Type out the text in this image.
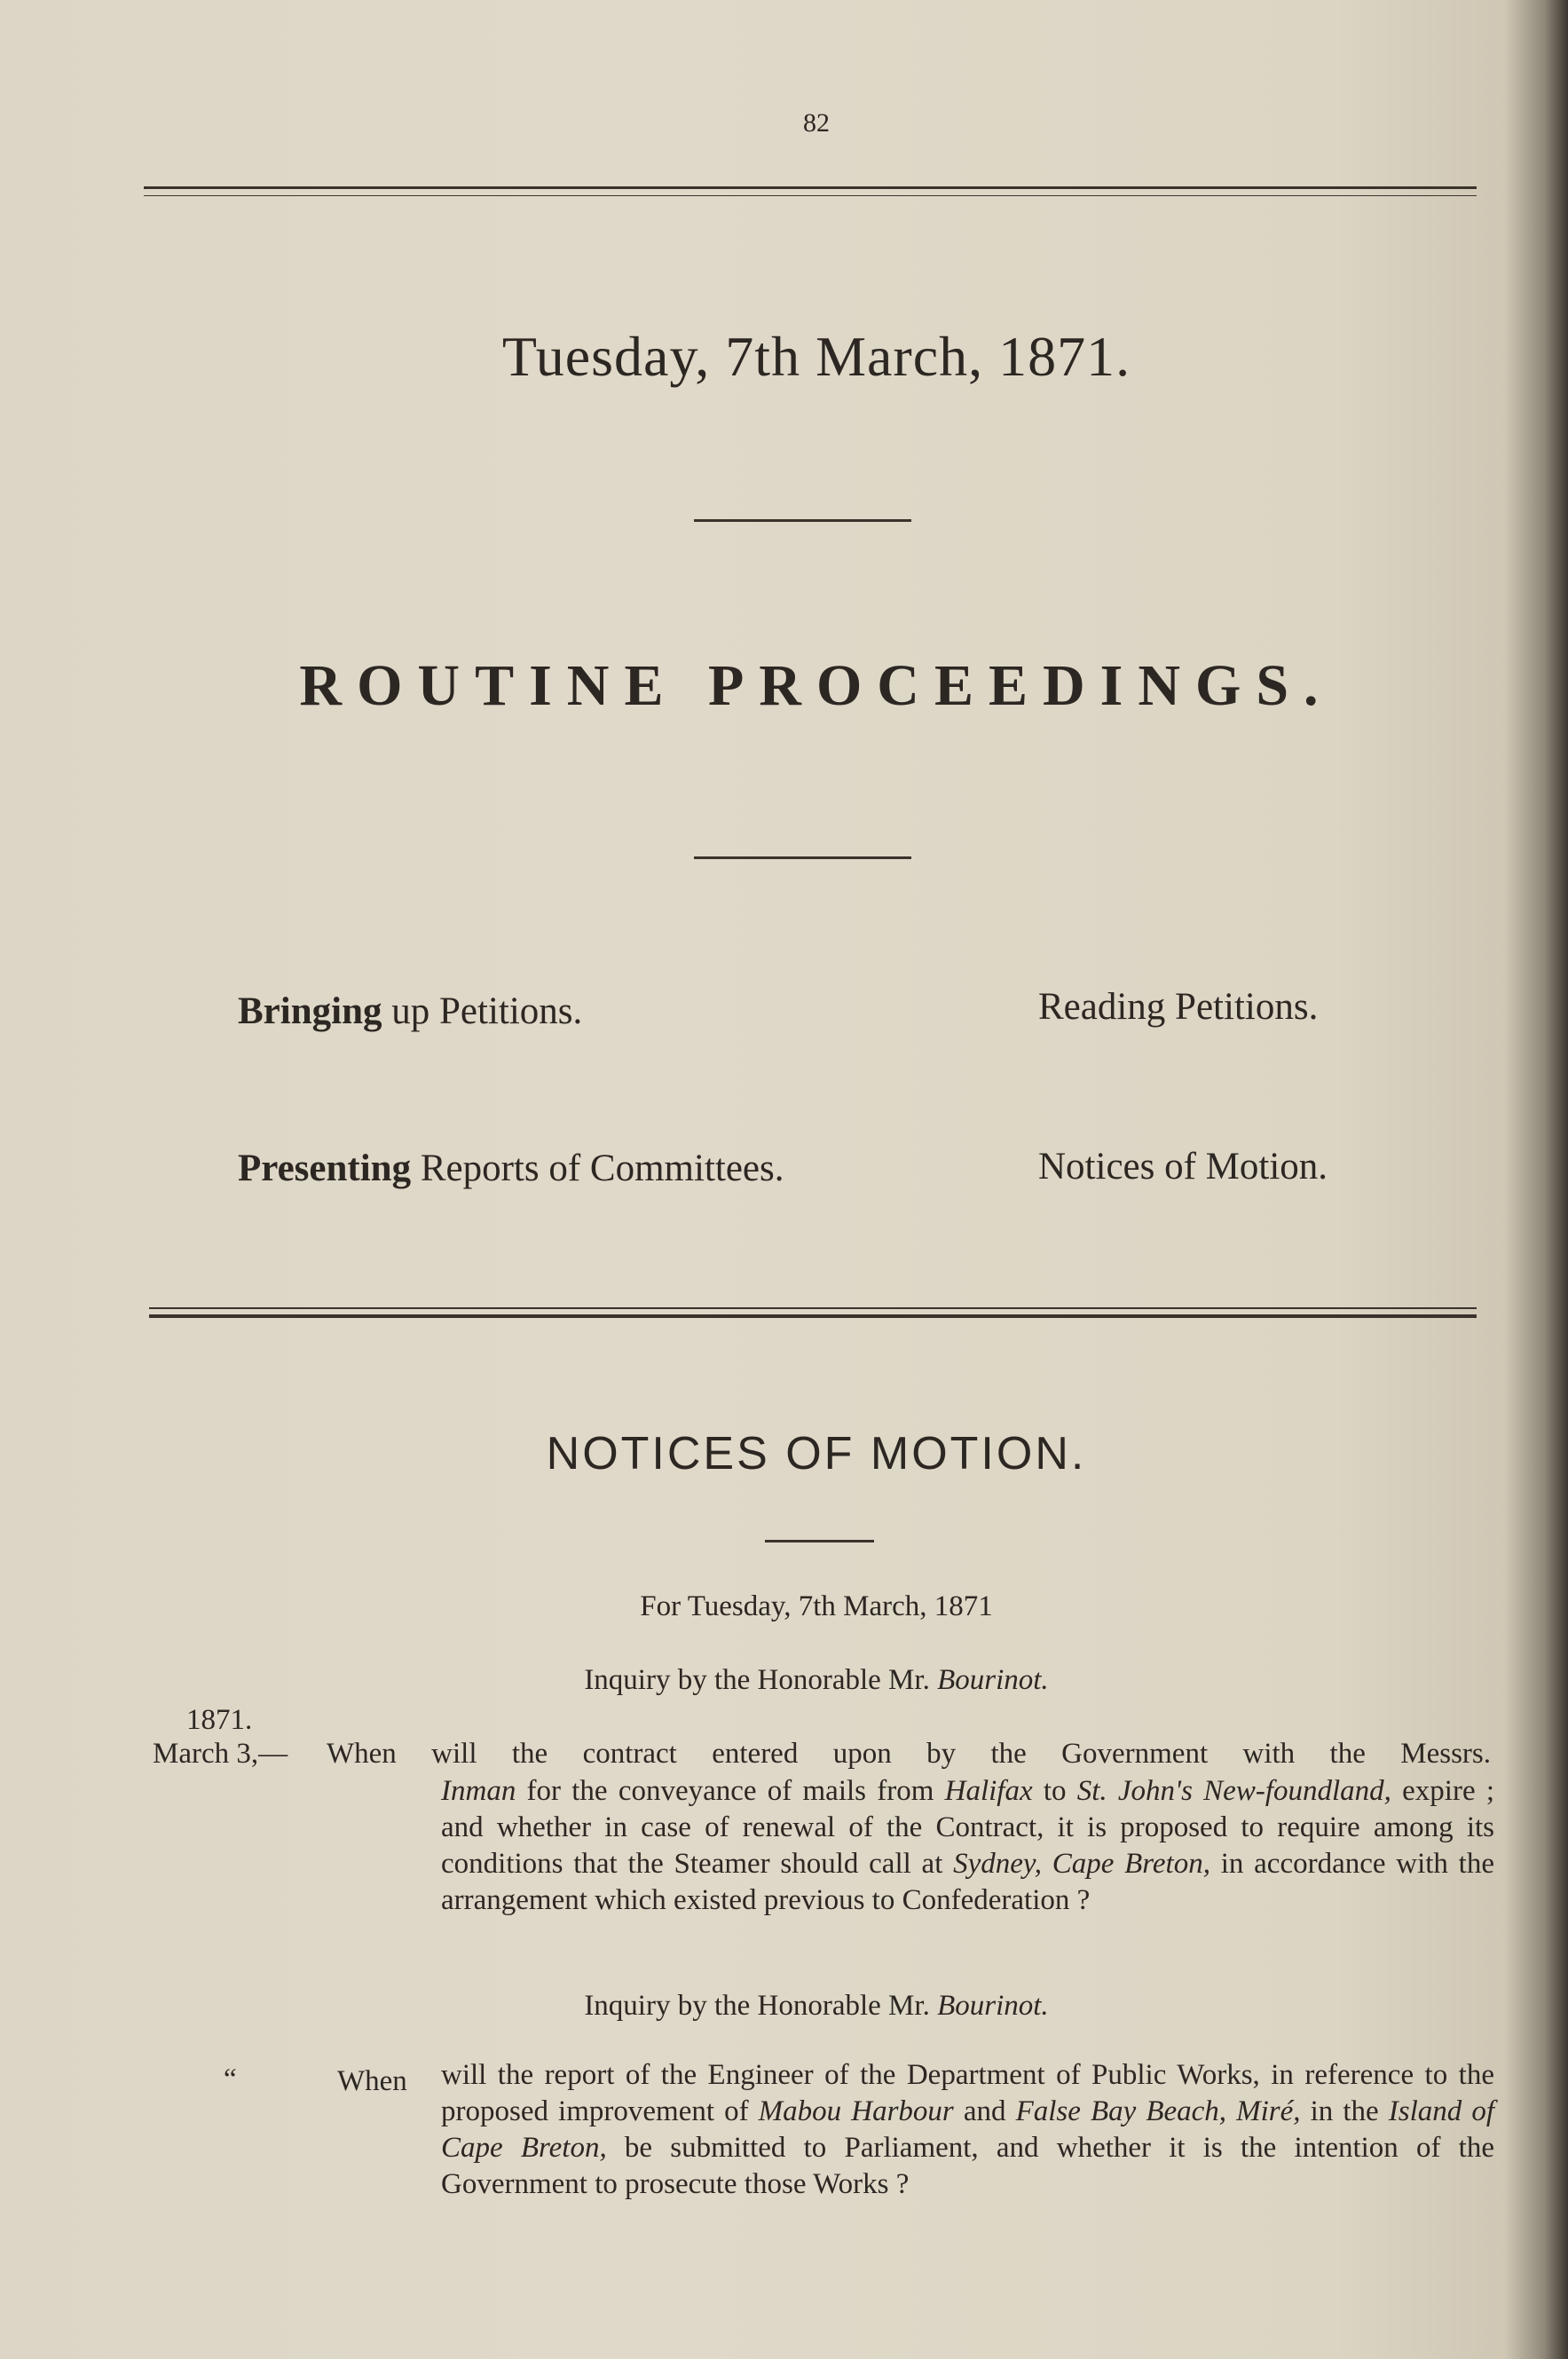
82
Tuesday, 7th March, 1871.
ROUTINE PROCEEDINGS.
Bringing up Petitions.	Reading Petitions.
Presenting Reports of Committees.	Notices of Motion.
NOTICES OF MOTION.
For Tuesday, 7th March, 1871
Inquiry by the Honorable Mr. Bourinot.
1871.
March 3,— When will the contract entered upon by the Government with the Messrs.
Inman for the conveyance of mails from Halifax to St. John's New-foundland, expire ; and whether in case of renewal of the Contract, it is proposed to require among its conditions that the Steamer should call at Sydney, Cape Breton, in accordance with the arrangement which existed previous to Confederation ?
Inquiry by the Honorable Mr. Bourinot.
“	When will the report of the Engineer of the Department of Public Works, in reference to the proposed improvement of Mabou Harbour and False Bay Beach, Miré, in the Island of Cape Breton, be submitted to Parliament, and whether it is the intention of the Government to prosecute those Works ?
